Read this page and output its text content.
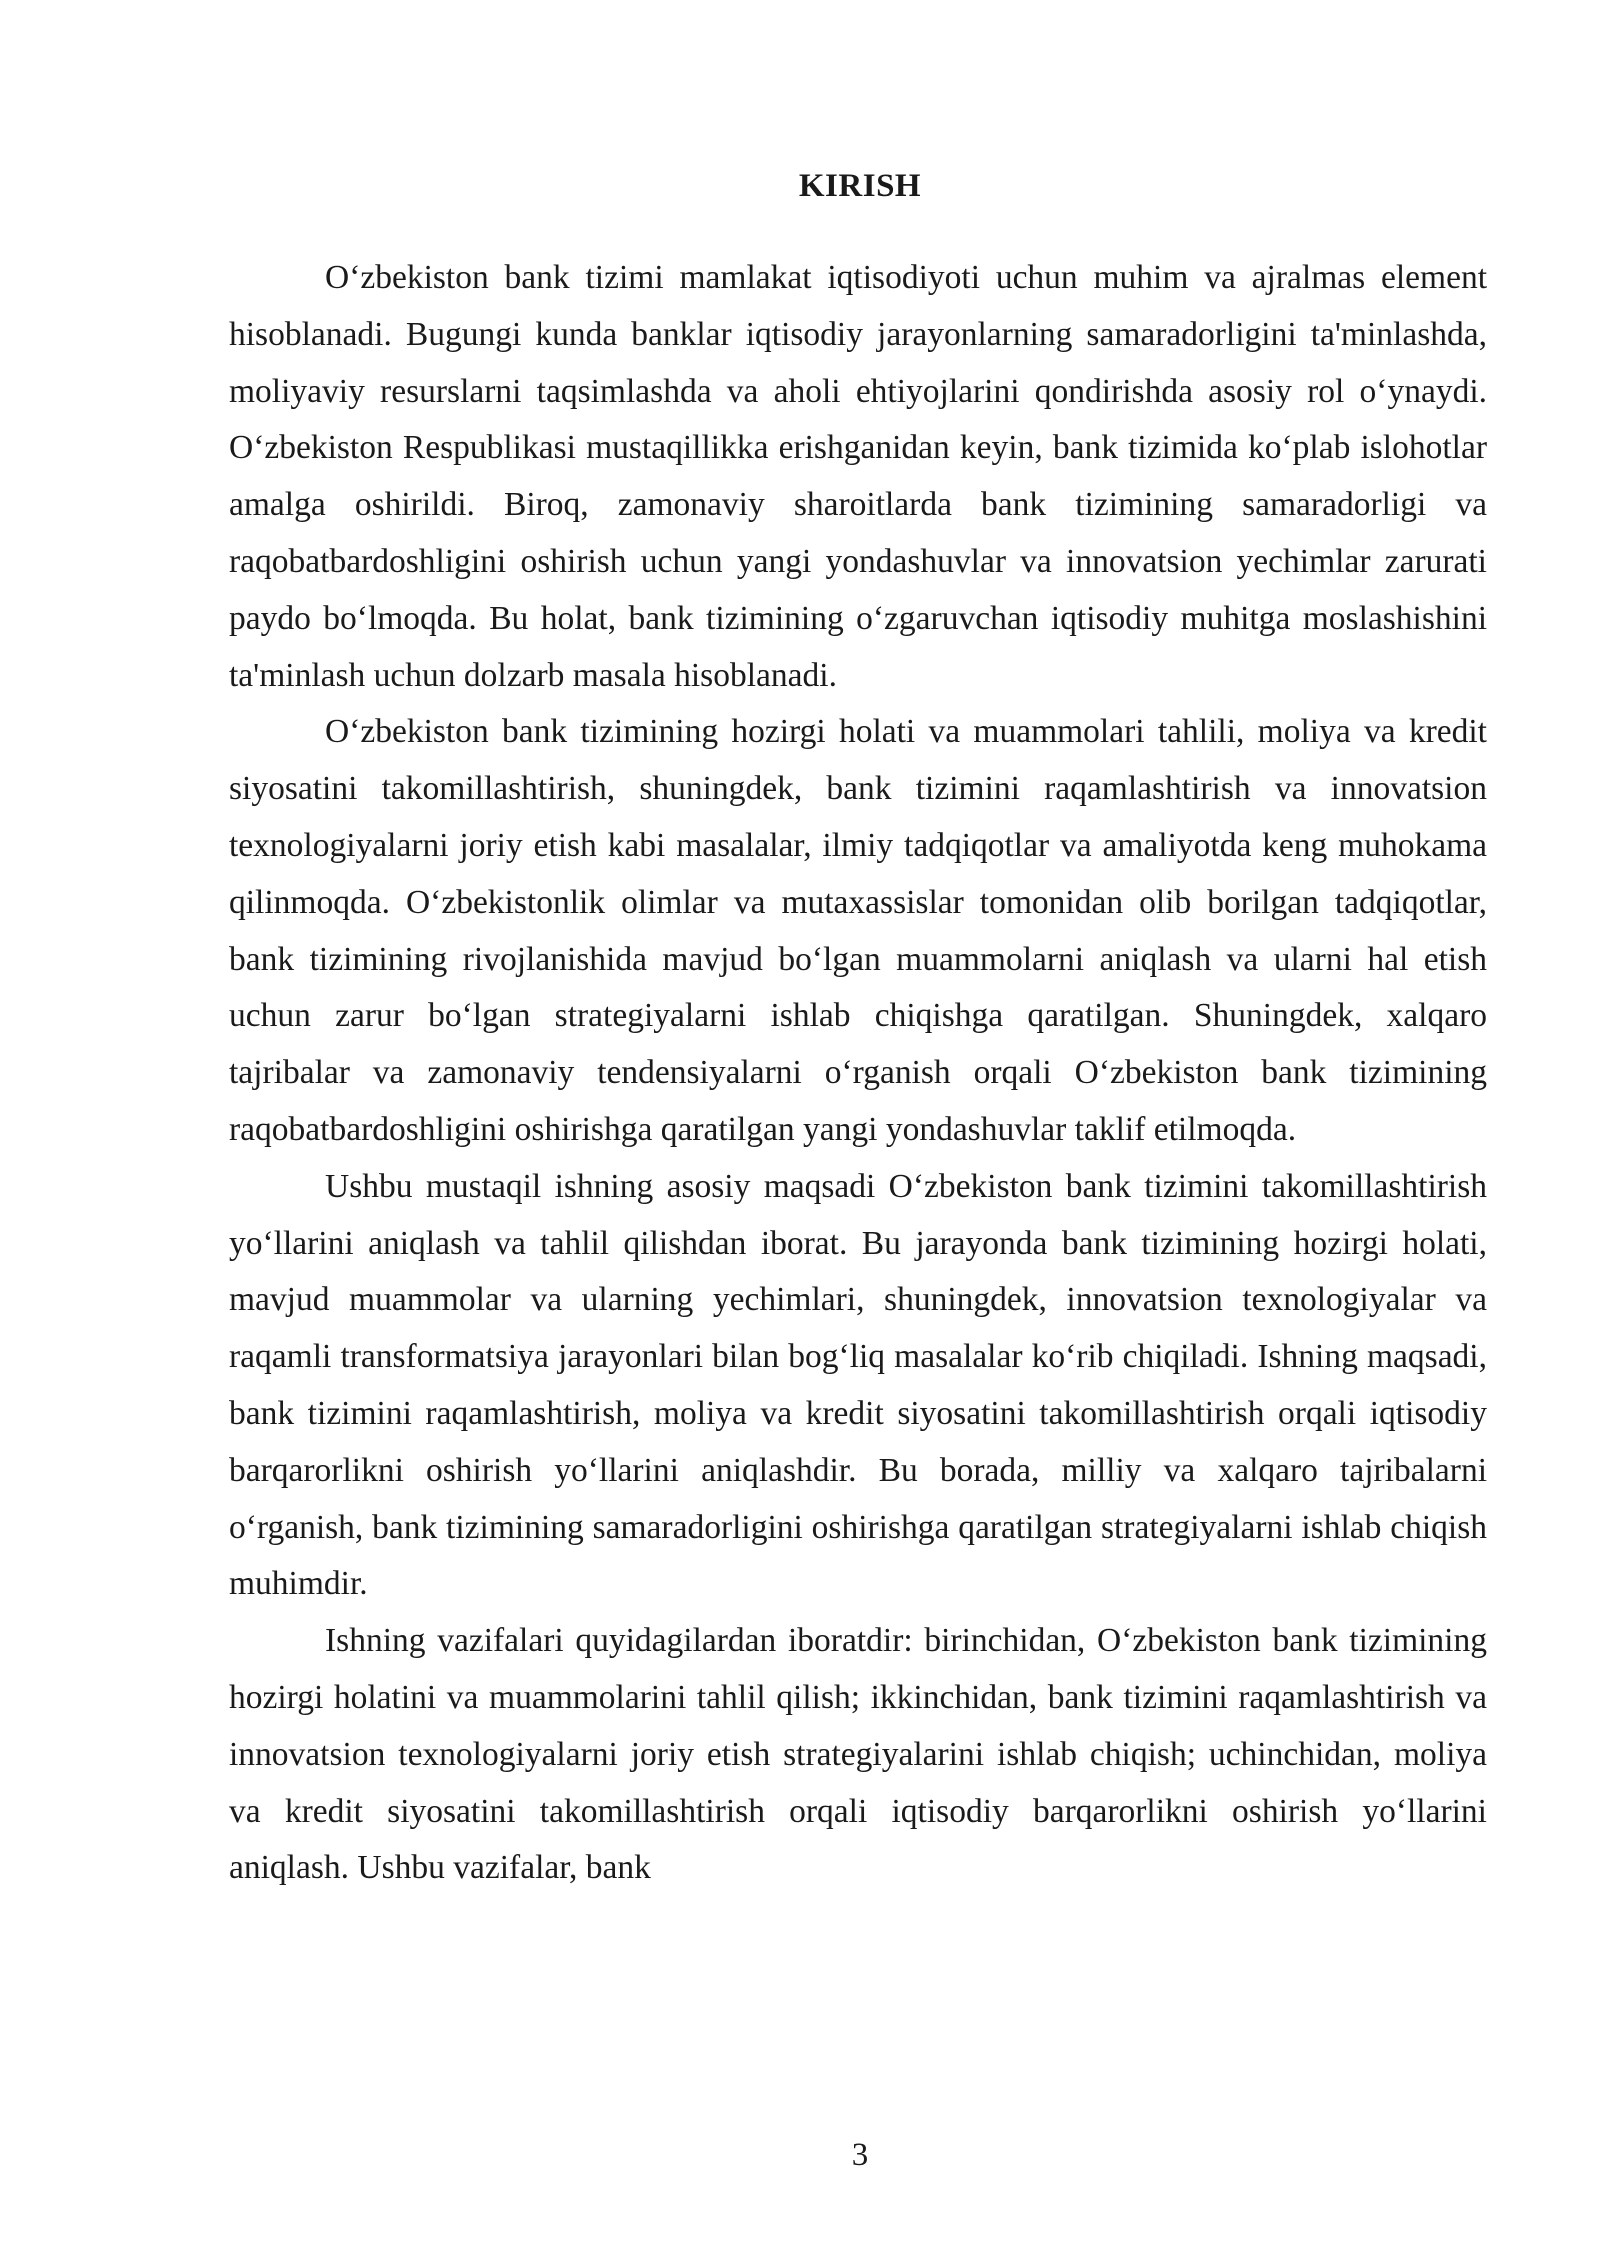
KIRISH

O‘zbekiston bank tizimi mamlakat iqtisodiyoti uchun muhim va ajralmas element hisoblanadi. Bugungi kunda banklar iqtisodiy jarayonlarning samaradorligini ta'minlashda, moliyaviy resurslarni taqsimlashda va aholi ehtiyojlarini qondirishda asosiy rol o‘ynaydi. O‘zbekiston Respublikasi mustaqillikka erishganidan keyin, bank tizimida ko‘plab islohotlar amalga oshirildi. Biroq, zamonaviy sharoitlarda bank tizimining samaradorligi va raqobatbardoshligini oshirish uchun yangi yondashuvlar va innovatsion yechimlar zarurati paydo bo‘lmoqda. Bu holat, bank tizimining o‘zgaruvchan iqtisodiy muhitga moslashishini ta'minlash uchun dolzarb masala hisoblanadi.

O‘zbekiston bank tizimining hozirgi holati va muammolari tahlili, moliya va kredit siyosatini takomillashtirish, shuningdek, bank tizimini raqamlashtirish va innovatsion texnologiyalarni joriy etish kabi masalalar, ilmiy tadqiqotlar va amaliyotda keng muhokama qilinmoqda. O‘zbekistonlik olimlar va mutaxassislar tomonidan olib borilgan tadqiqotlar, bank tizimining rivojlanishida mavjud bo‘lgan muammolarni aniqlash va ularni hal etish uchun zarur bo‘lgan strategiyalarni ishlab chiqishga qaratilgan. Shuningdek, xalqaro tajribalar va zamonaviy tendensiyalarni o‘rganish orqali O‘zbekiston bank tizimining raqobatbardoshligini oshirishga qaratilgan yangi yondashuvlar taklif etilmoqda.

Ushbu mustaqil ishning asosiy maqsadi O‘zbekiston bank tizimini takomillashtirish yo‘llarini aniqlash va tahlil qilishdan iborat. Bu jarayonda bank tizimining hozirgi holati, mavjud muammolar va ularning yechimlari, shuningdek, innovatsion texnologiyalar va raqamli transformatsiya jarayonlari bilan bog‘liq masalalar ko‘rib chiqiladi. Ishning maqsadi, bank tizimini raqamlashtirish, moliya va kredit siyosatini takomillashtirish orqali iqtisodiy barqarorlikni oshirish yo‘llarini aniqlashdir. Bu borada, milliy va xalqaro tajribalarni o‘rganish, bank tizimining samaradorligini oshirishga qaratilgan strategiyalarni ishlab chiqish muhimdir.

Ishning vazifalari quyidagilardan iboratdir: birinchidan, O‘zbekiston bank tizimining hozirgi holatini va muammolarini tahlil qilish; ikkinchidan, bank tizimini raqamlashtirish va innovatsion texnologiyalarni joriy etish strategiyalarini ishlab chiqish; uchinchidan, moliya va kredit siyosatini takomillashtirish orqali iqtisodiy barqarorlikni oshirish yo‘llarini aniqlash. Ushbu vazifalar, bank

3
